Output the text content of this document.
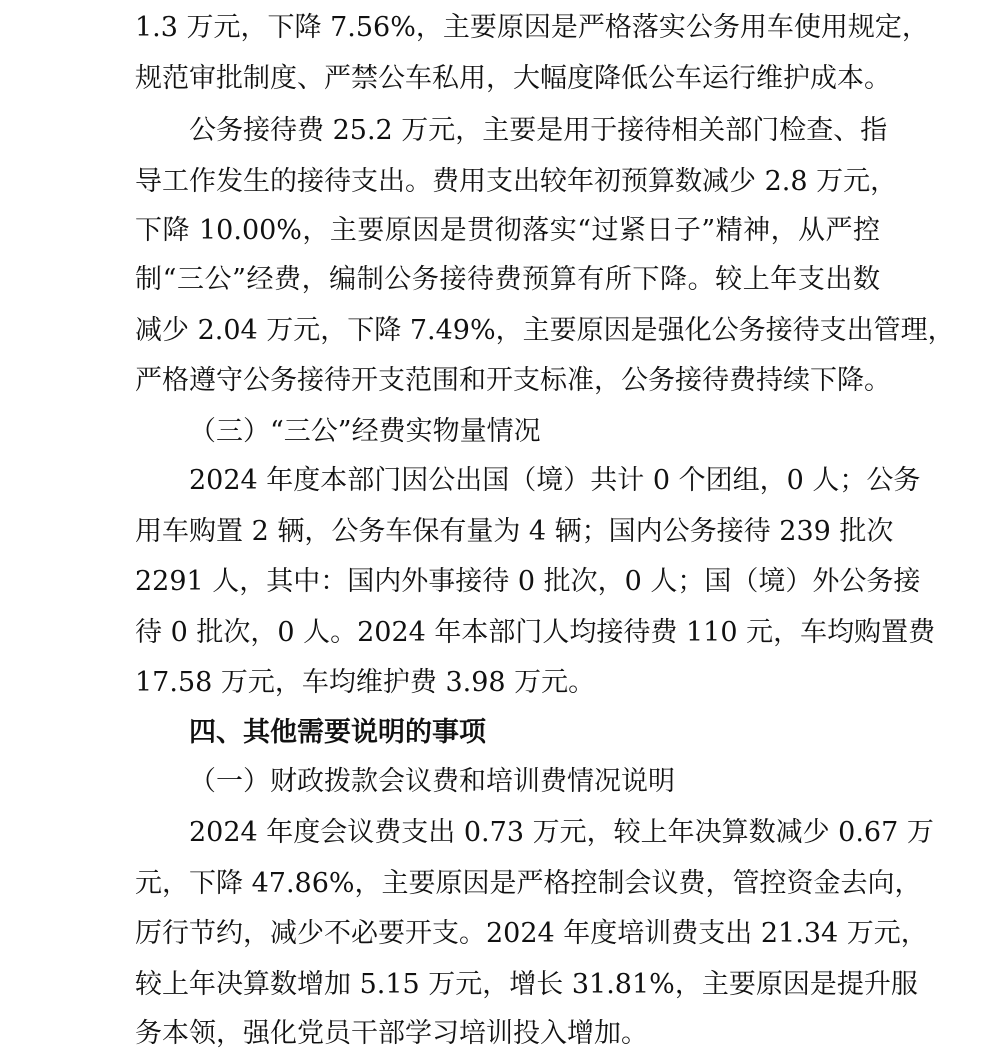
1.3 万元，下降 7.56%，主要原因是严格落实公务用车使用规定，
规范审批制度、严禁公车私用，大幅度降低公车运行维护成本。
公务接待费 25.2 万元，主要是用于接待相关部门检查、指
导工作发生的接待支出。费用支出较年初预算数减少 2.8 万元，
下降 10.00%，主要原因是贯彻落实“过紧日子”精神，从严控
制“三公”经费，编制公务接待费预算有所下降。较上年支出数
减少 2.04 万元，下降 7.49%，主要原因是强化公务接待支出管理，
严格遵守公务接待开支范围和开支标准，公务接待费持续下降。
（三）“三公”经费实物量情况
2024 年度本部门因公出国（境）共计 0 个团组，0 人；公务
用车购置 2 辆，公务车保有量为 4 辆；国内公务接待 239 批次
2291 人，其中：国内外事接待 0 批次，0 人；国（境）外公务接
待 0 批次，0 人。2024 年本部门人均接待费 110 元，车均购置费
17.58 万元，车均维护费 3.98 万元。
四、其他需要说明的事项
（一）财政拨款会议费和培训费情况说明
2024 年度会议费支出 0.73 万元，较上年决算数减少 0.67 万
元，下降 47.86%，主要原因是严格控制会议费，管控资金去向，
厉行节约，减少不必要开支。2024 年度培训费支出 21.34 万元，
较上年决算数增加 5.15 万元，增长 31.81%，主要原因是提升服
务本领，强化党员干部学习培训投入增加。
